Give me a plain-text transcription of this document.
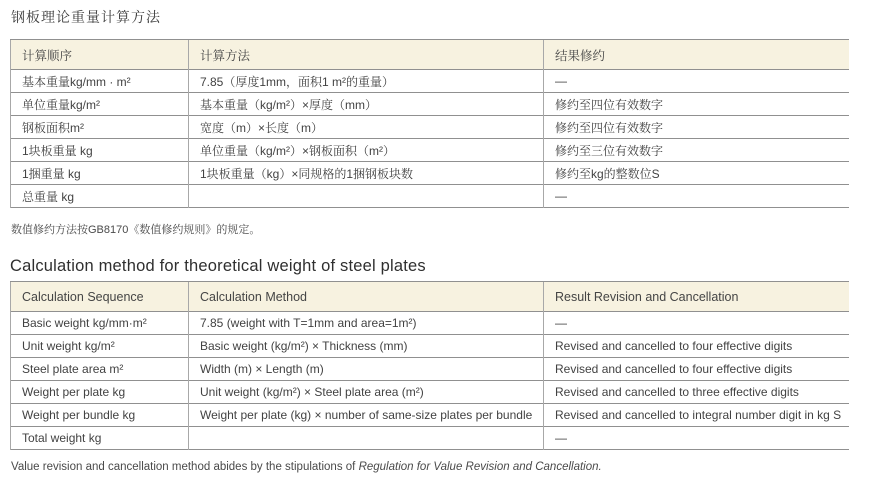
钢板理论重量计算方法
计算顺序	计算方法	结果修约
基本重量kg/mm · m²	7.85（厚度1mm，面积1 m²的重量）	—
单位重量kg/m²	基本重量（kg/m²）×厚度（mm）	修约至四位有效数字
钢板面积m²	宽度（m）×长度（m）	修约至四位有效数字
1块板重量 kg	单位重量（kg/m²）×钢板面积（m²）	修约至三位有效数字
1捆重量 kg	1块板重量（kg）×同规格的1捆钢板块数	修约至kg的整数位S
总重量 kg		—
数值修约方法按GB8170《数值修约规则》的规定。
Calculation method for theoretical weight of steel plates
Calculation Sequence	Calculation Method	Result Revision and Cancellation
Basic weight kg/mm·m²	7.85 (weight with T=1mm and area=1m²)	—
Unit weight kg/m²	Basic weight (kg/m²) × Thickness (mm)	Revised and cancelled to four effective digits
Steel plate area m²	Width (m) × Length (m)	Revised and cancelled to four effective digits
Weight per plate kg	Unit weight (kg/m²) × Steel plate area (m²)	Revised and cancelled to three effective digits
Weight per bundle kg	Weight per plate (kg) × number of same-size plates per bundle	Revised and cancelled to integral number digit in kg S
Total weight kg		—
Value revision and cancellation method abides by the stipulations of Regulation for Value Revision and Cancellation.
